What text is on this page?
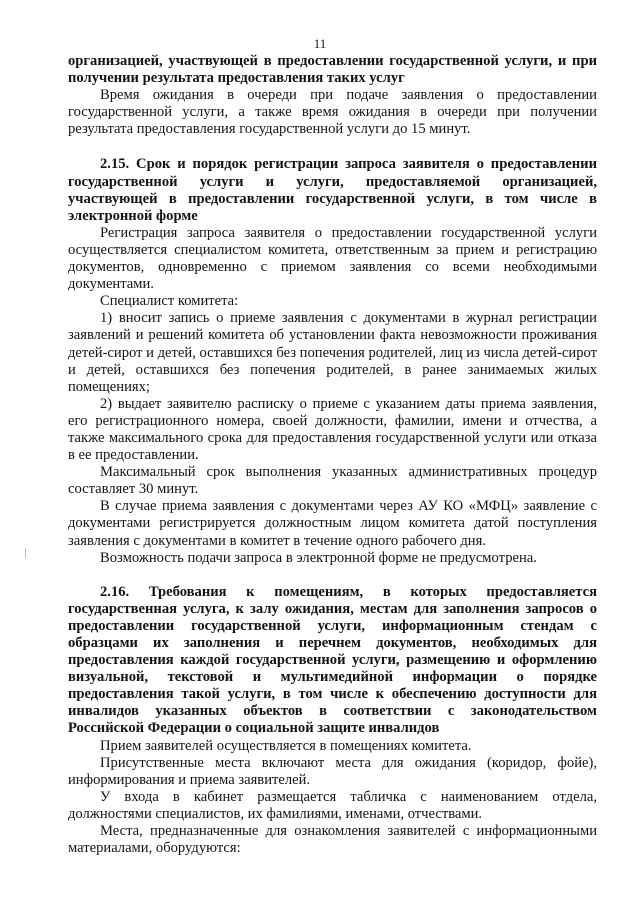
11

организацией, участвующей в предоставлении государственной услуги, и при получении результата предоставления таких услуг

Время ожидания в очереди при подаче заявления о предоставлении государственной услуги, а также время ожидания в очереди при получении результата предоставления государственной услуги до 15 минут.

2.15. Срок и порядок регистрации запроса заявителя о предоставлении государственной услуги и услуги, предоставляемой организацией, участвующей в предоставлении государственной услуги, в том числе в электронной форме

Регистрация запроса заявителя о предоставлении государственной услуги осуществляется специалистом комитета, ответственным за прием и регистрацию документов, одновременно с приемом заявления со всеми необходимыми документами.

Специалист комитета:

1) вносит запись о приеме заявления с документами в журнал регистрации заявлений и решений комитета об установлении факта невозможности проживания детей-сирот и детей, оставшихся без попечения родителей, лиц из числа детей-сирот и детей, оставшихся без попечения родителей, в ранее занимаемых жилых помещениях;

2) выдает заявителю расписку о приеме с указанием даты приема заявления, его регистрационного номера, своей должности, фамилии, имени и отчества, а также максимального срока для предоставления государственной услуги или отказа в ее предоставлении.

Максимальный срок выполнения указанных административных процедур составляет 30 минут.

В случае приема заявления с документами через АУ КО «МФЦ» заявление с документами регистрируется должностным лицом комитета датой поступления заявления с документами в комитет в течение одного рабочего дня.

Возможность подачи запроса в электронной форме не предусмотрена.

2.16. Требования к помещениям, в которых предоставляется государственная услуга, к залу ожидания, местам для заполнения запросов о предоставлении государственной услуги, информационным стендам с образцами их заполнения и перечнем документов, необходимых для предоставления каждой государственной услуги, размещению и оформлению визуальной, текстовой и мультимедийной информации о порядке предоставления такой услуги, в том числе к обеспечению доступности для инвалидов указанных объектов в соответствии с законодательством Российской Федерации о социальной защите инвалидов

Прием заявителей осуществляется в помещениях комитета.

Присутственные места включают места для ожидания (коридор, фойе), информирования и приема заявителей.

У входа в кабинет размещается табличка с наименованием отдела, должностями специалистов, их фамилиями, именами, отчествами.

Места, предназначенные для ознакомления заявителей с информационными материалами, оборудуются:
